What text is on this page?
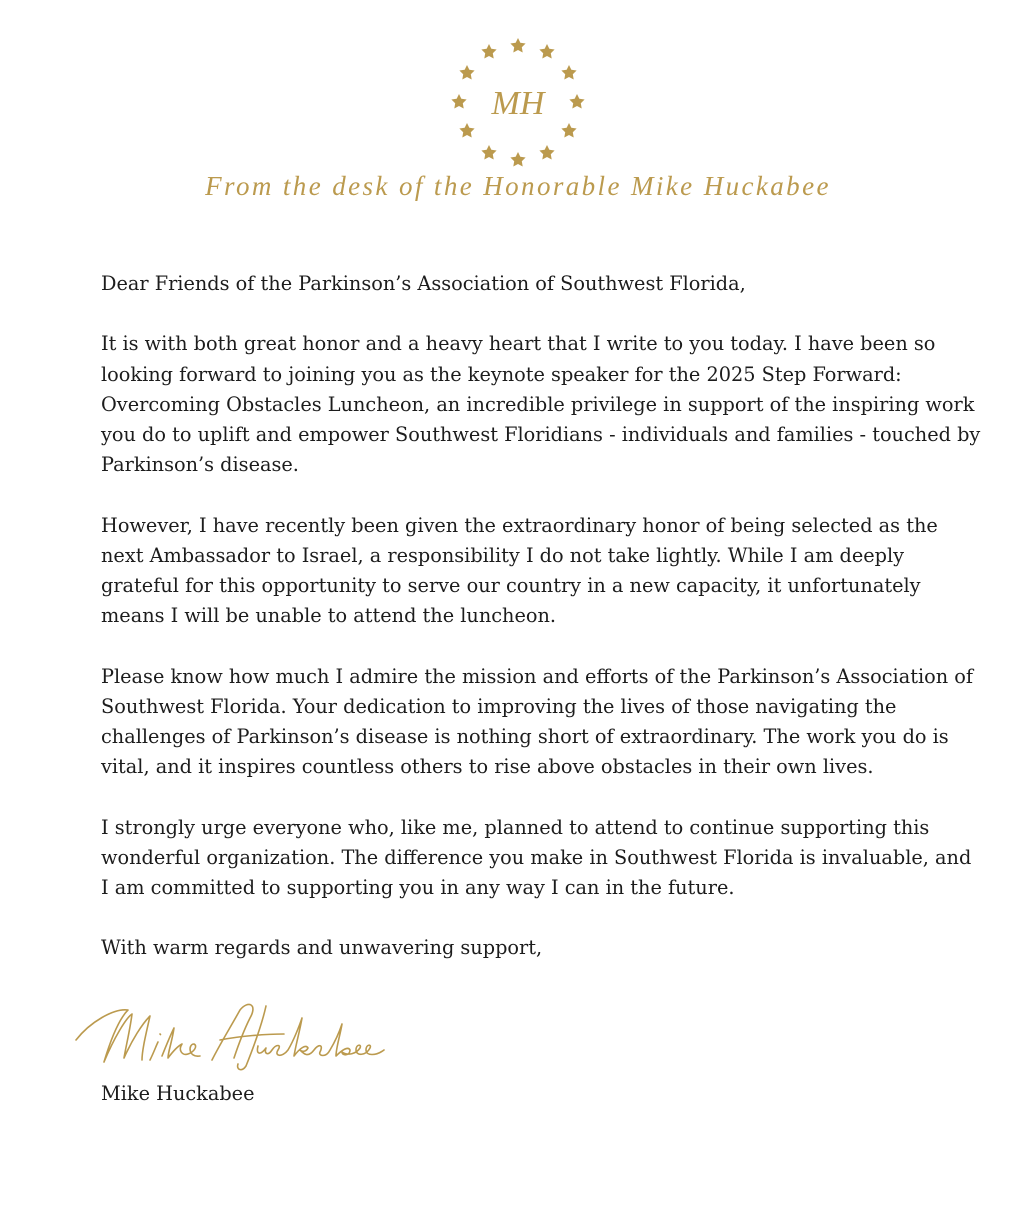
MH
From the desk of the Honorable Mike Huckabee

Dear Friends of the Parkinson’s Association of Southwest Florida,

It is with both great honor and a heavy heart that I write to you today. I have been so looking forward to joining you as the keynote speaker for the 2025 Step Forward: Overcoming Obstacles Luncheon, an incredible privilege in support of the inspiring work you do to uplift and empower Southwest Floridians - individuals and families - touched by Parkinson’s disease.

However, I have recently been given the extraordinary honor of being selected as the next Ambassador to Israel, a responsibility I do not take lightly. While I am deeply grateful for this opportunity to serve our country in a new capacity, it unfortunately means I will be unable to attend the luncheon.

Please know how much I admire the mission and efforts of the Parkinson’s Association of Southwest Florida. Your dedication to improving the lives of those navigating the challenges of Parkinson’s disease is nothing short of extraordinary. The work you do is vital, and it inspires countless others to rise above obstacles in their own lives.

I strongly urge everyone who, like me, planned to attend to continue supporting this wonderful organization. The difference you make in Southwest Florida is invaluable, and I am committed to supporting you in any way I can in the future.

With warm regards and unwavering support,

Mike Huckabee
